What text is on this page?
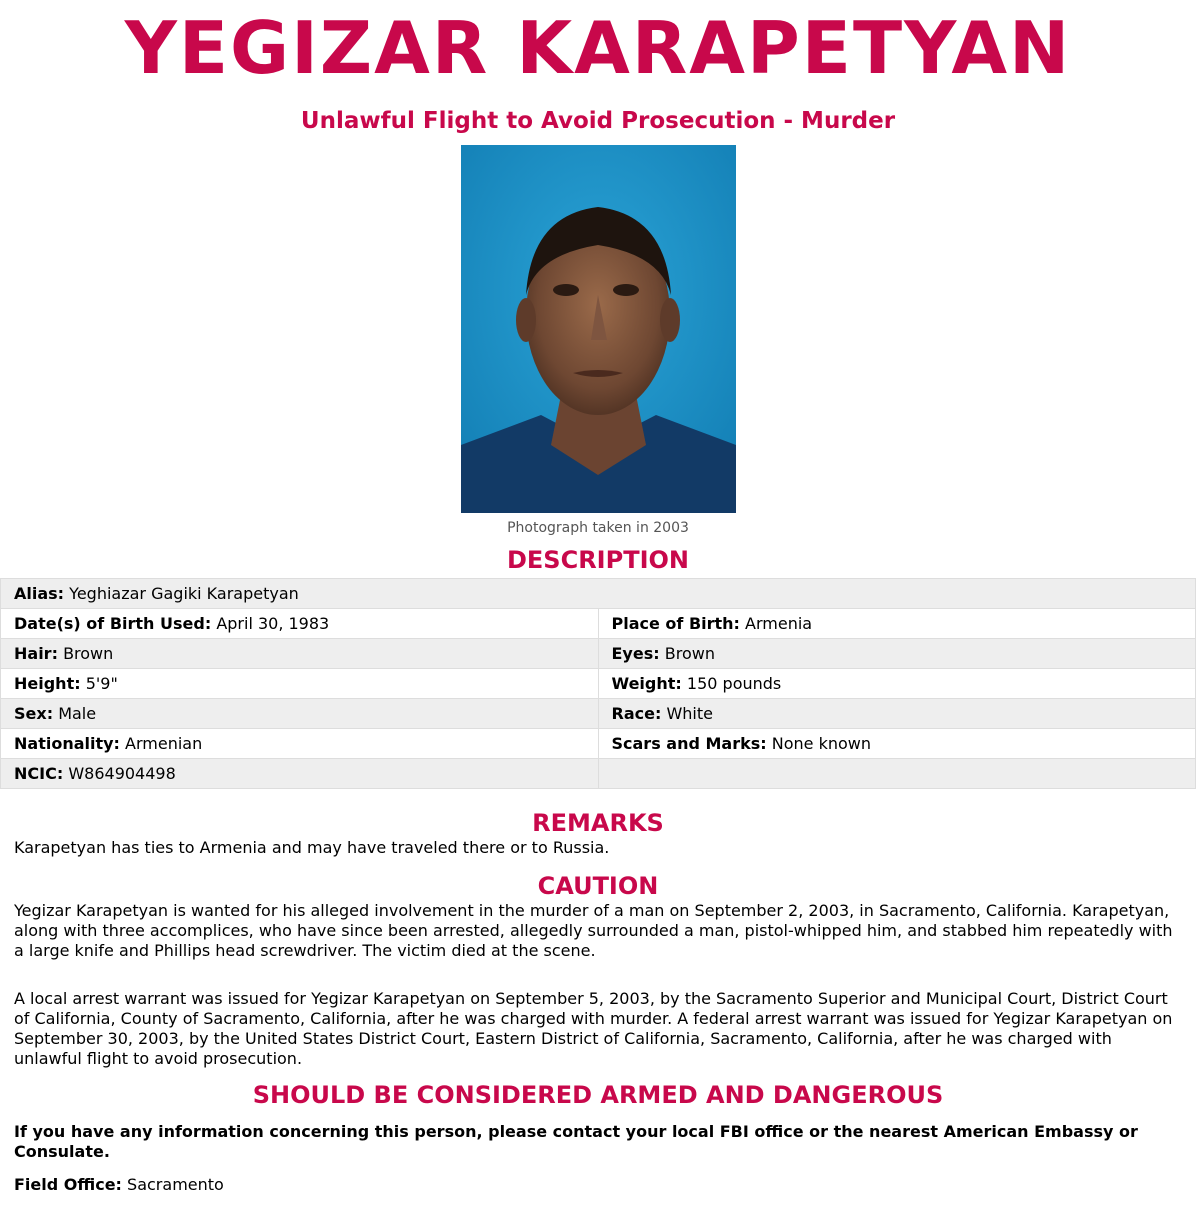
YEGIZAR KARAPETYAN
Unlawful Flight to Avoid Prosecution - Murder
Photograph taken in 2003
DESCRIPTION
Alias: Yeghiazar Gagiki Karapetyan	
Date(s) of Birth Used: April 30, 1983	Place of Birth: Armenia
Hair: Brown	Eyes: Brown
Height: 5'9"	Weight: 150 pounds
Sex: Male	Race: White
Nationality: Armenian	Scars and Marks: None known
NCIC: W864904498	
REMARKS

Karapetyan has ties to Armenia and may have traveled there or to Russia.

CAUTION

Yegizar Karapetyan is wanted for his alleged involvement in the murder of a man on September 2, 2003, in Sacramento, California. Karapetyan, along with three accomplices, who have since been arrested, allegedly surrounded a man, pistol-whipped him, and stabbed him repeatedly with a large knife and Phillips head screwdriver. The victim died at the scene.

A local arrest warrant was issued for Yegizar Karapetyan on September 5, 2003, by the Sacramento Superior and Municipal Court, District Court of California, County of Sacramento, California, after he was charged with murder. A federal arrest warrant was issued for Yegizar Karapetyan on September 30, 2003, by the United States District Court, Eastern District of California, Sacramento, California, after he was charged with unlawful flight to avoid prosecution.

SHOULD BE CONSIDERED ARMED AND DANGEROUS

If you have any information concerning this person, please contact your local FBI office or the nearest American Embassy or Consulate.

Field Office: Sacramento
